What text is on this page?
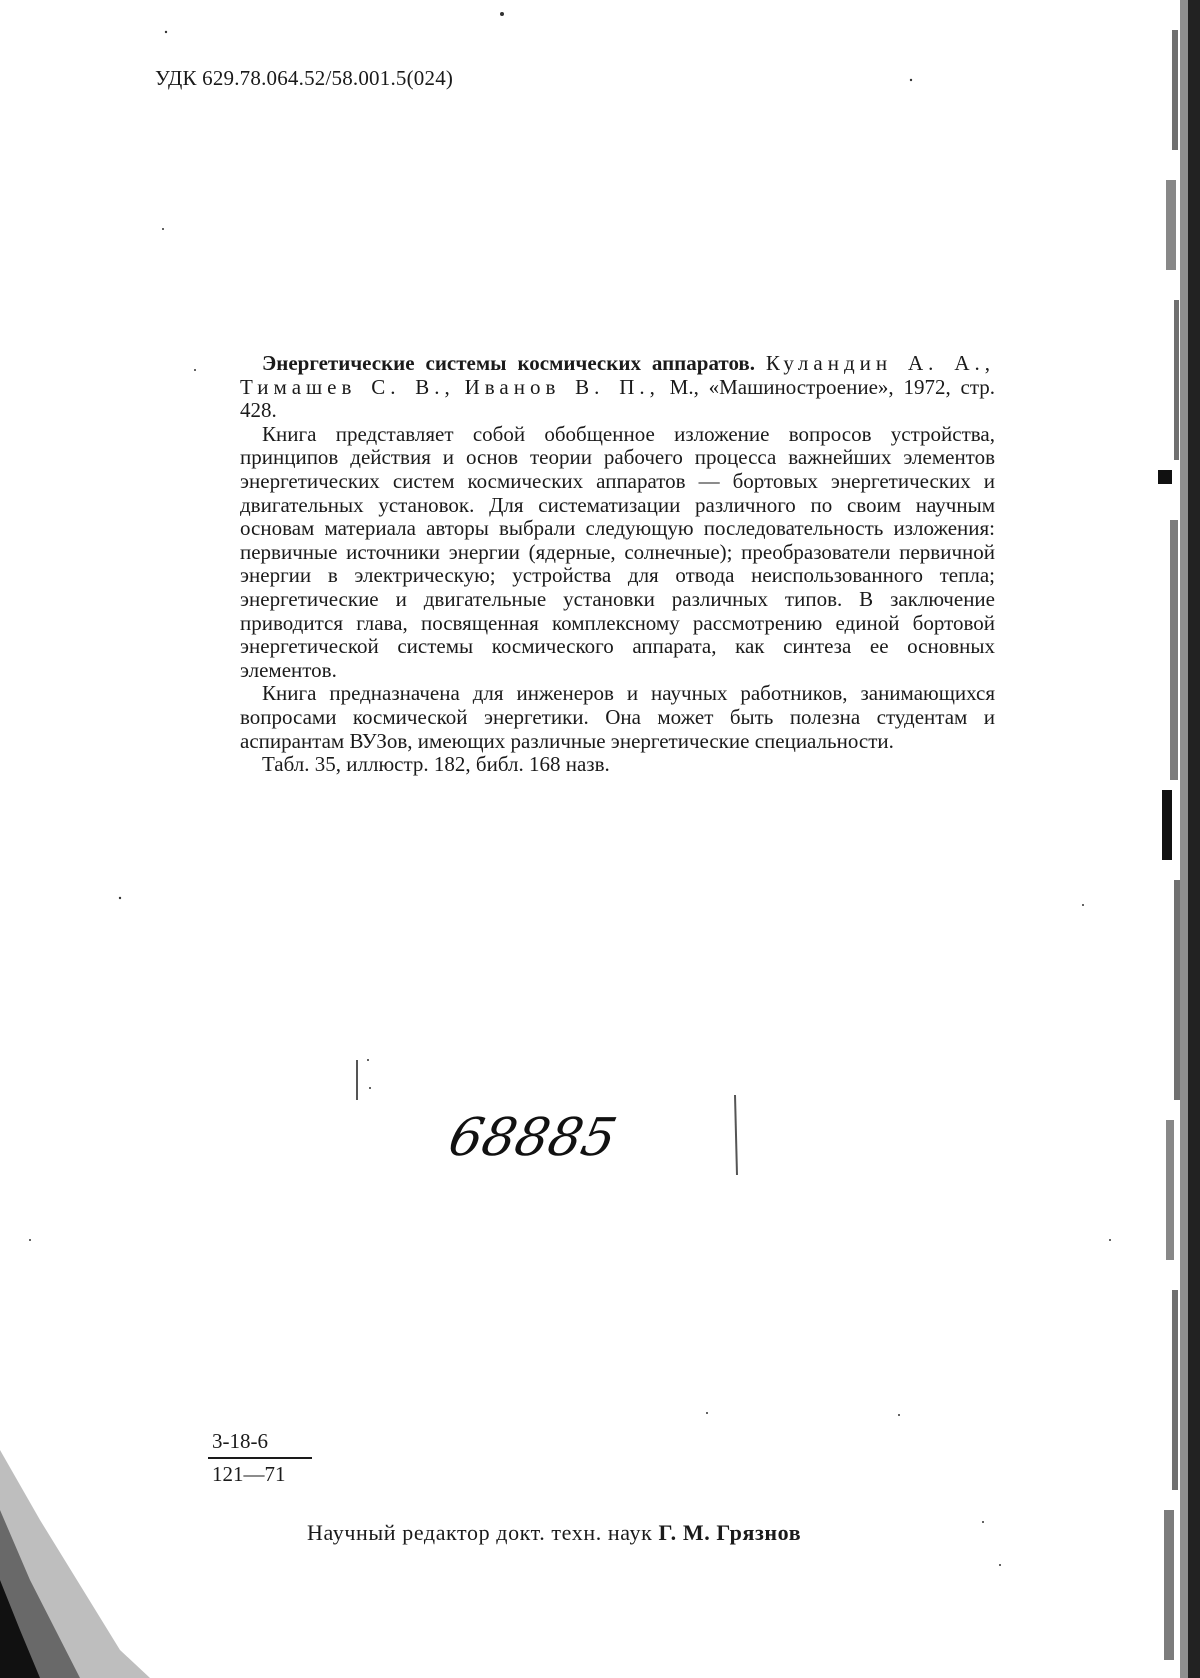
УДК 629.78.064.52/58.001.5(024)

Энергетические системы космических аппаратов. Куландин А. А., Тимашев С. В., Иванов В. П., М., «Машиностроение», 1972, стр. 428.

Книга представляет собой обобщенное изложение вопросов устройства, принципов действия и основ теории рабочего процесса важнейших элементов энергетических систем космических аппаратов — бортовых энергетических и двигательных установок. Для систематизации различного по своим научным основам материала авторы выбрали следующую последовательность изложения: первичные источники энергии (ядерные, солнечные); преобразователи первичной энергии в электрическую; устройства для отвода неиспользованного тепла; энергетические и двигательные установки различных типов. В заключение приводится глава, посвященная комплексному рассмотрению единой бортовой энергетической системы космического аппарата, как синтеза ее основных элементов.

Книга предназначена для инженеров и научных работников, занимающихся вопросами космической энергетики. Она может быть полезна студентам и аспирантам ВУЗов, имеющих различные энергетические специальности.

Табл. 35, иллюстр. 182, библ. 168 назв.

68885
Научный редактор докт. техн. наук Г. М. Грязнов
3-18-6
121—71
